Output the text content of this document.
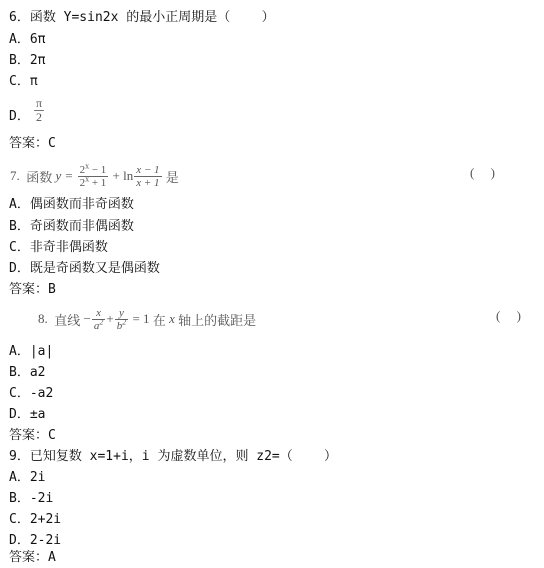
6．函数 Y=sin2x 的最小正周期是（    ）
A．6π
B．2π
C．π
D． $\frac{\pi}{2}$
答案：C
7.
函数
y =
$\frac{2^x - 1}{2^x + 1}$
+ $\ln \frac{x - 1}{x + 1}$
是	(     )
A．偶函数而非奇函数
B．奇函数而非偶函数
C．非奇非偶函数
D．既是奇函数又是偶函数
答案：B
8.
直线
− $\frac{x}{a^2} + \frac{y}{b^2}$
= 1
在
x
轴上的截距是	(     )
A．|a|
B．a2
C．-a2
D．±a
答案：C
9．已知复数 x=1+i，i 为虚数单位，则 z2=（    ）
A．2i
B．-2i
C．2+2i
D．2-2i
答案：A
